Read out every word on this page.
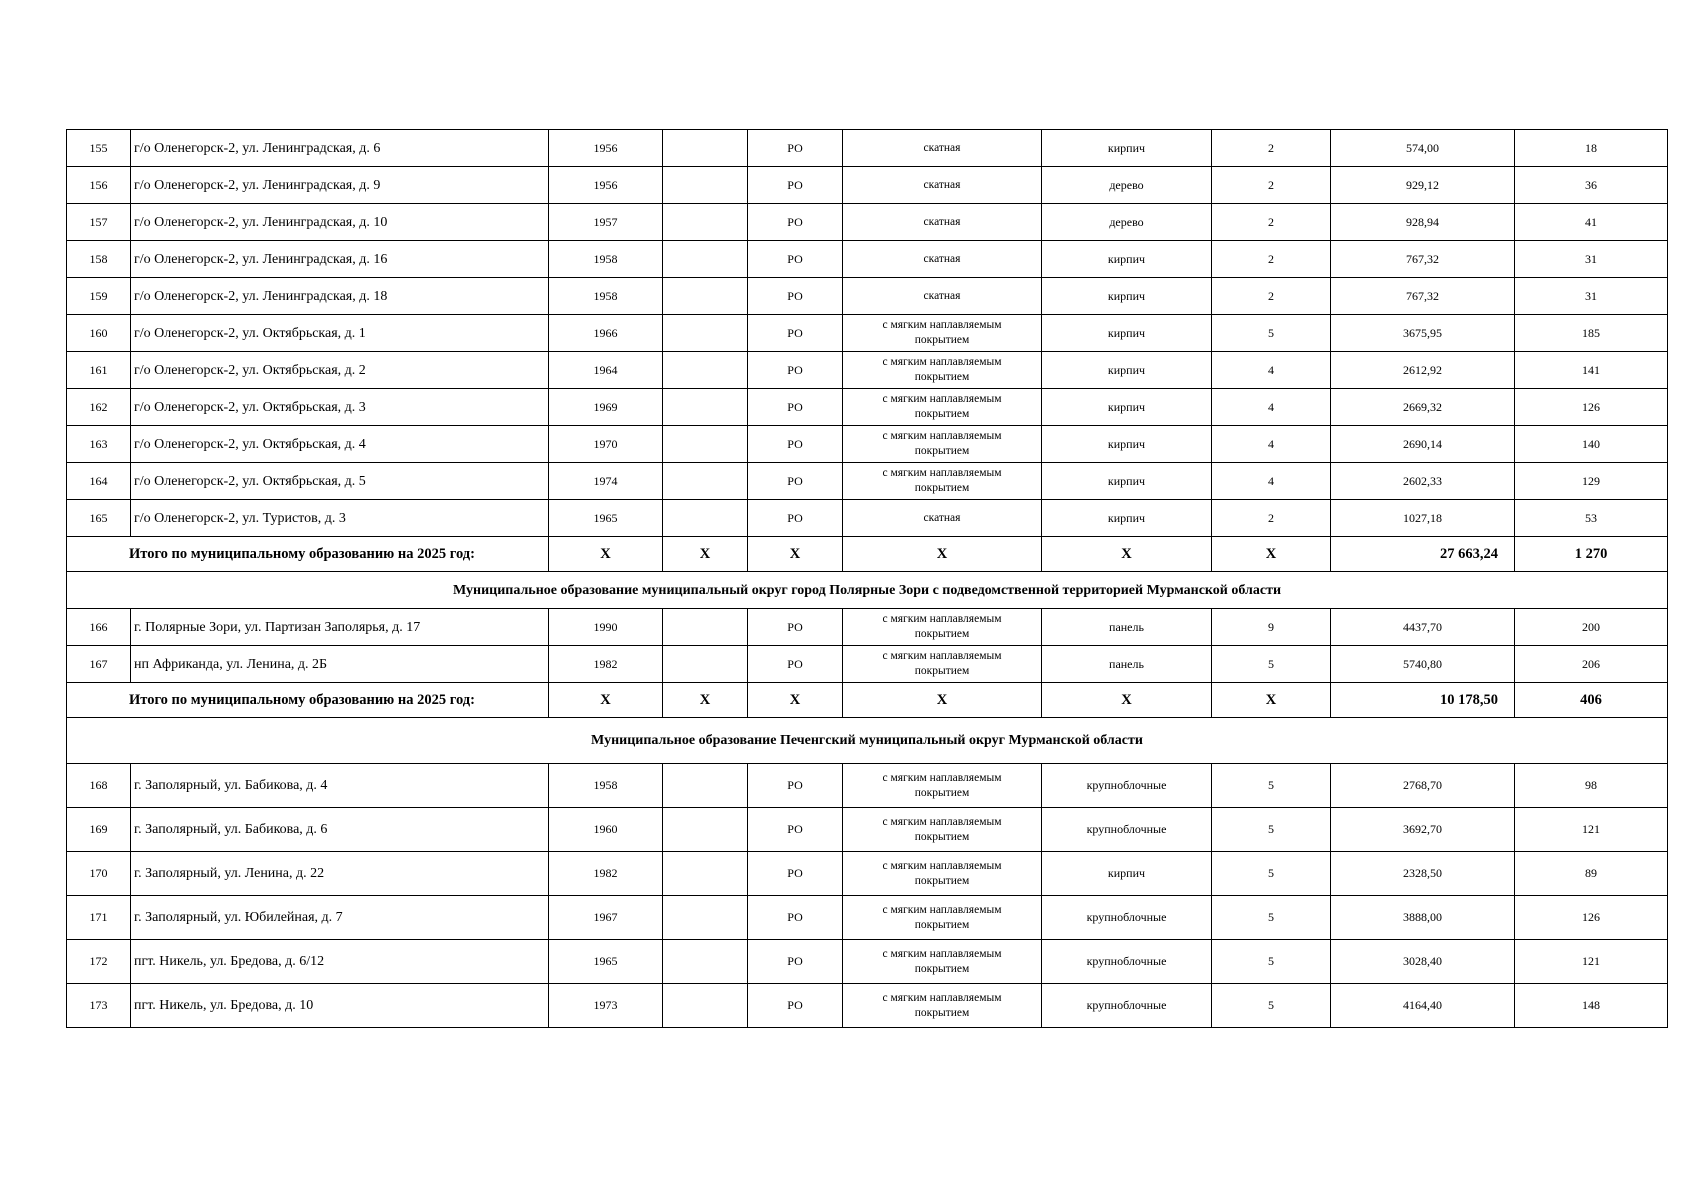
155	г/о Оленегорск-2, ул. Ленинградская, д. 6	1956		РО	скатная	кирпич	2	574,00	18
156	г/о Оленегорск-2, ул. Ленинградская, д. 9	1956		РО	скатная	дерево	2	929,12	36
157	г/о Оленегорск-2, ул. Ленинградская, д. 10	1957		РО	скатная	дерево	2	928,94	41
158	г/о Оленегорск-2, ул. Ленинградская, д. 16	1958		РО	скатная	кирпич	2	767,32	31
159	г/о Оленегорск-2, ул. Ленинградская, д. 18	1958		РО	скатная	кирпич	2	767,32	31
160	г/о Оленегорск-2, ул. Октябрьская, д. 1	1966		РО	с мягким наплавляемым
покрытием	кирпич	5	3675,95	185
161	г/о Оленегорск-2, ул. Октябрьская, д. 2	1964		РО	с мягким наплавляемым
покрытием	кирпич	4	2612,92	141
162	г/о Оленегорск-2, ул. Октябрьская, д. 3	1969		РО	с мягким наплавляемым
покрытием	кирпич	4	2669,32	126
163	г/о Оленегорск-2, ул. Октябрьская, д. 4	1970		РО	с мягким наплавляемым
покрытием	кирпич	4	2690,14	140
164	г/о Оленегорск-2, ул. Октябрьская, д. 5	1974		РО	с мягким наплавляемым
покрытием	кирпич	4	2602,33	129
165	г/о Оленегорск-2, ул. Туристов, д. 3	1965		РО	скатная	кирпич	2	1027,18	53
Итого по муниципальному образованию на 2025 год:		X	X	X	X	X	X	27 663,24	1 270
Муниципальное образование муниципальный округ город Полярные Зори с подведомственной территорией Мурманской области									
166	г. Полярные Зори, ул. Партизан Заполярья, д. 17	1990		РО	с мягким наплавляемым
покрытием	панель	9	4437,70	200
167	нп Африканда, ул. Ленина, д. 2Б	1982		РО	с мягким наплавляемым
покрытием	панель	5	5740,80	206
Итого по муниципальному образованию на 2025 год:		X	X	X	X	X	X	10 178,50	406
Муниципальное образование Печенгский муниципальный округ Мурманской области									
168	г. Заполярный, ул. Бабикова, д. 4	1958		РО	с мягким наплавляемым
покрытием	крупноблочные	5	2768,70	98
169	г. Заполярный, ул. Бабикова, д. 6	1960		РО	с мягким наплавляемым
покрытием	крупноблочные	5	3692,70	121
170	г. Заполярный, ул. Ленина, д. 22	1982		РО	с мягким наплавляемым
покрытием	кирпич	5	2328,50	89
171	г. Заполярный, ул. Юбилейная, д. 7	1967		РО	с мягким наплавляемым
покрытием	крупноблочные	5	3888,00	126
172	пгт. Никель, ул. Бредова, д. 6/12	1965		РО	с мягким наплавляемым
покрытием	крупноблочные	5	3028,40	121
173	пгт. Никель, ул. Бредова, д. 10	1973		РО	с мягким наплавляемым
покрытием	крупноблочные	5	4164,40	148
